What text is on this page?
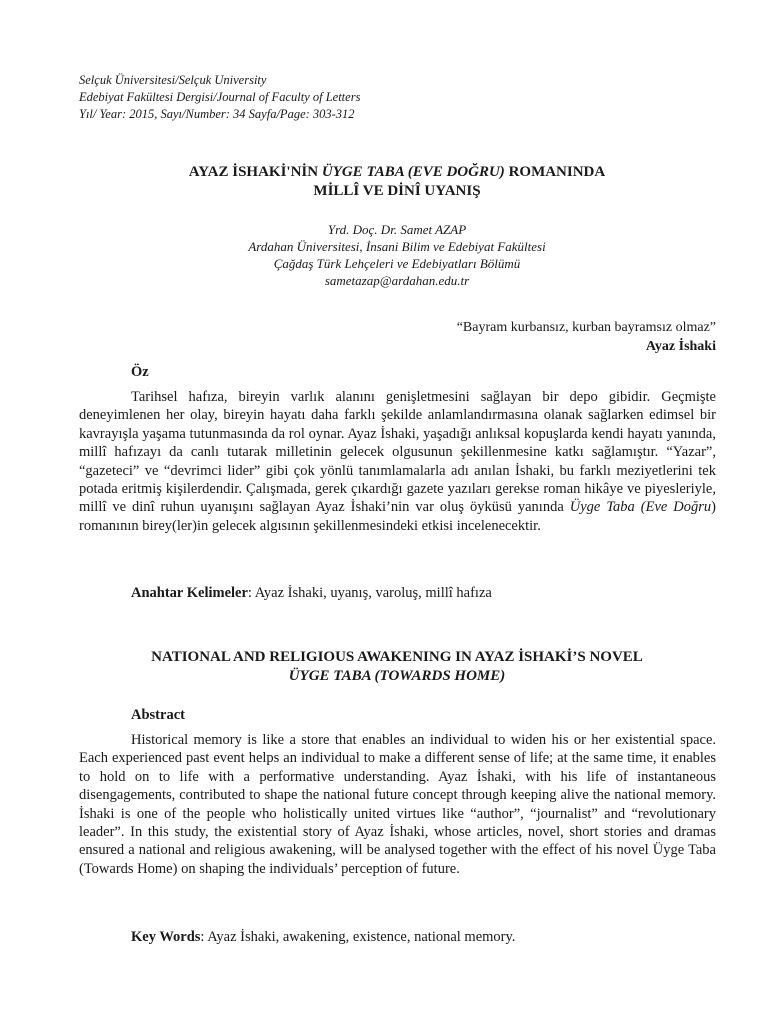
Selçuk Üniversitesi/Selçuk University
Edebiyat Fakültesi Dergisi/Journal of Faculty of Letters
Yıl/ Year: 2015, Sayı/Number: 34 Sayfa/Page: 303-312
AYAZ İSHAKİ'NİN ÜYGE TABA (EVE DOĞRU) ROMANINDA
MİLLÎ VE DİNÎ UYANIŞ
Yrd. Doç. Dr. Samet AZAP
Ardahan Üniversitesi, İnsani Bilim ve Edebiyat Fakültesi
Çağdaş Türk Lehçeleri ve Edebiyatları Bölümü
sametazap@ardahan.edu.tr
“Bayram kurbansız, kurban bayramsız olmaz”
Ayaz İshaki
Öz
Tarihsel hafıza, bireyin varlık alanını genişletmesini sağlayan bir depo gibidir. Geçmişte deneyimlenen her olay, bireyin hayatı daha farklı şekilde anlamlandırmasına olanak sağlarken edimsel bir kavrayışla yaşama tutunmasında da rol oynar. Ayaz İshaki, yaşadığı anlıksal kopuşlarda kendi hayatı yanında, millî hafızayı da canlı tutarak milletinin gelecek olgusunun şekillenmesine katkı sağlamıştır. “Yazar”, “gazeteci” ve “devrimci lider” gibi çok yönlü tanımlamalarla adı anılan İshaki, bu farklı meziyetlerini tek potada eritmiş kişilerdendir. Çalışmada, gerek çıkardığı gazete yazıları gerekse roman hikâye ve piyesleriyle, millî ve dinî ruhun uyanışını sağlayan Ayaz İshaki’nin var oluş öyküsü yanında Üyge Taba (Eve Doğru) romanının birey(ler)in gelecek algısının şekillenmesindeki etkisi incelenecektir.
Anahtar Kelimeler: Ayaz İshaki, uyanış, varoluş, millî hafıza
NATIONAL AND RELIGIOUS AWAKENING IN AYAZ İSHAKİ’S NOVEL
ÜYGE TABA (TOWARDS HOME)
Abstract
Historical memory is like a store that enables an individual to widen his or her existential space. Each experienced past event helps an individual to make a different sense of life; at the same time, it enables to hold on to life with a performative understanding. Ayaz İshaki, with his life of instantaneous disengagements, contributed to shape the national future concept through keeping alive the national memory. İshaki is one of the people who holistically united virtues like “author”, “journalist” and “revolutionary leader”. In this study, the existential story of Ayaz İshaki, whose articles, novel, short stories and dramas ensured a national and religious awakening, will be analysed together with the effect of his novel Üyge Taba (Towards Home) on shaping the individuals’ perception of future.
Key Words: Ayaz İshaki, awakening, existence, national memory.
